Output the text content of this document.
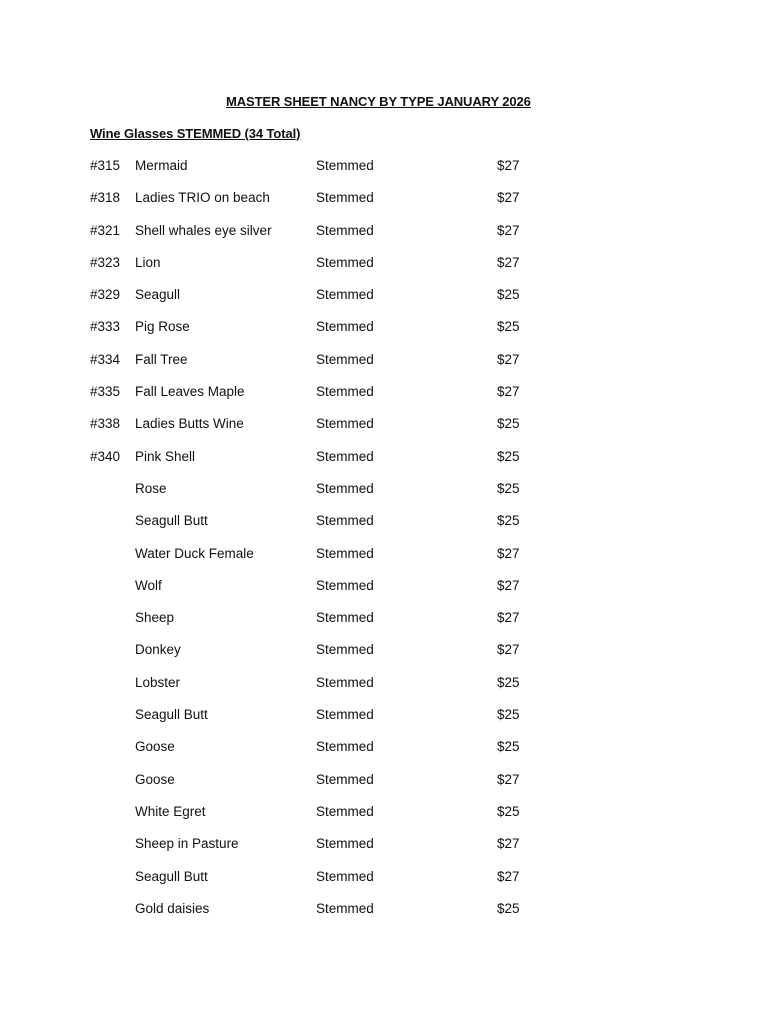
MASTER SHEET NANCY BY TYPE JANUARY 2026
Wine Glasses STEMMED (34 Total)
#315 Mermaid	Stemmed	$27
#318 Ladies TRIO on beach	Stemmed	$27
#321 Shell whales eye silver	Stemmed	$27
#323 Lion	Stemmed	$27
#329 Seagull	Stemmed	$25
#333 Pig Rose	Stemmed	$25
#334 Fall Tree	Stemmed	$27
#335 Fall Leaves Maple	Stemmed	$27
#338 Ladies Butts Wine	Stemmed	$25
#340 Pink Shell	Stemmed	$25
Rose	Stemmed	$25
Seagull Butt	Stemmed	$25
Water Duck Female	Stemmed	$27
Wolf	Stemmed	$27
Sheep	Stemmed	$27
Donkey	Stemmed	$27
Lobster	Stemmed	$25
Seagull Butt	Stemmed	$25
Goose	Stemmed	$25
Goose	Stemmed	$27
White Egret	Stemmed	$25
Sheep in Pasture	Stemmed	$27
Seagull Butt	Stemmed	$27
Gold daisies	Stemmed	$25
